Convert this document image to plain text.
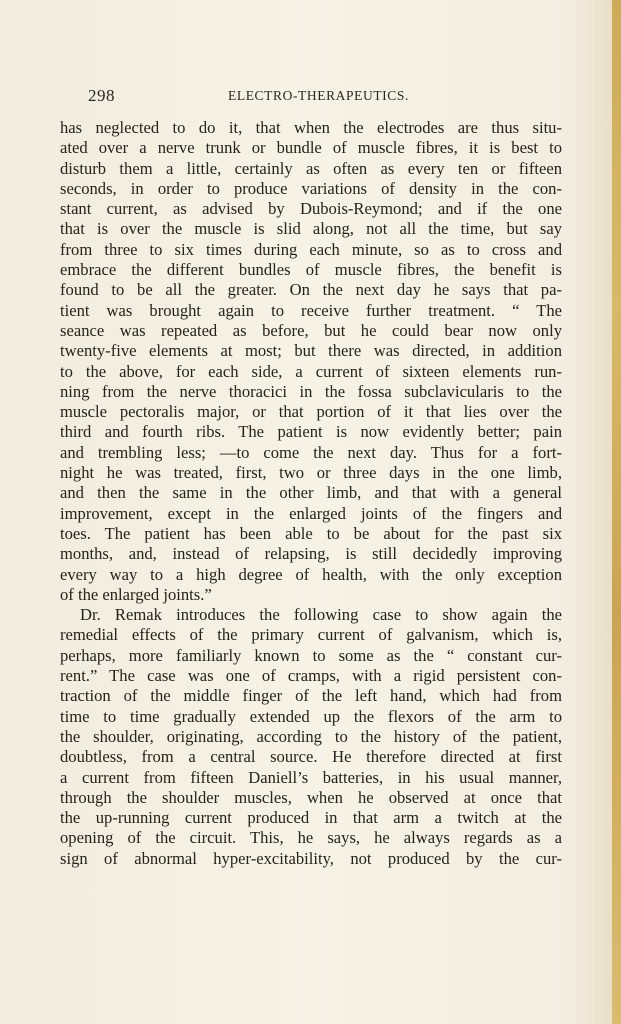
298	ELECTRO-THERAPEUTICS.
has neglected to do it, that when the electrodes are thus situ-
ated over a nerve trunk or bundle of muscle fibres, it is best to
disturb them a little, certainly as often as every ten or fifteen
seconds, in order to produce variations of density in the con-
stant current, as advised by Dubois-Reymond; and if the one
that is over the muscle is slid along, not all the time, but say
from three to six times during each minute, so as to cross and
embrace the different bundles of muscle fibres, the benefit is
found to be all the greater. On the next day he says that pa-
tient was brought again to receive further treatment. “ The
seance was repeated as before, but he could bear now only
twenty-five elements at most; but there was directed, in addition
to the above, for each side, a current of sixteen elements run-
ning from the nerve thoracici in the fossa subclavicularis to the
muscle pectoralis major, or that portion of it that lies over the
third and fourth ribs. The patient is now evidently better; pain
and trembling less; —to come the next day. Thus for a fort-
night he was treated, first, two or three days in the one limb,
and then the same in the other limb, and that with a general
improvement, except in the enlarged joints of the fingers and
toes. The patient has been able to be about for the past six
months, and, instead of relapsing, is still decidedly improving
every way to a high degree of health, with the only exception
of the enlarged joints.”
Dr. Remak introduces the following case to show again the
remedial effects of the primary current of galvanism, which is,
perhaps, more familiarly known to some as the “ constant cur-
rent.” The case was one of cramps, with a rigid persistent con-
traction of the middle finger of the left hand, which had from
time to time gradually extended up the flexors of the arm to
the shoulder, originating, according to the history of the patient,
doubtless, from a central source. He therefore directed at first
a current from fifteen Daniell’s batteries, in his usual manner,
through the shoulder muscles, when he observed at once that
the up-running current produced in that arm a twitch at the
opening of the circuit. This, he says, he always regards as a
sign of abnormal hyper-excitability, not produced by the cur-
